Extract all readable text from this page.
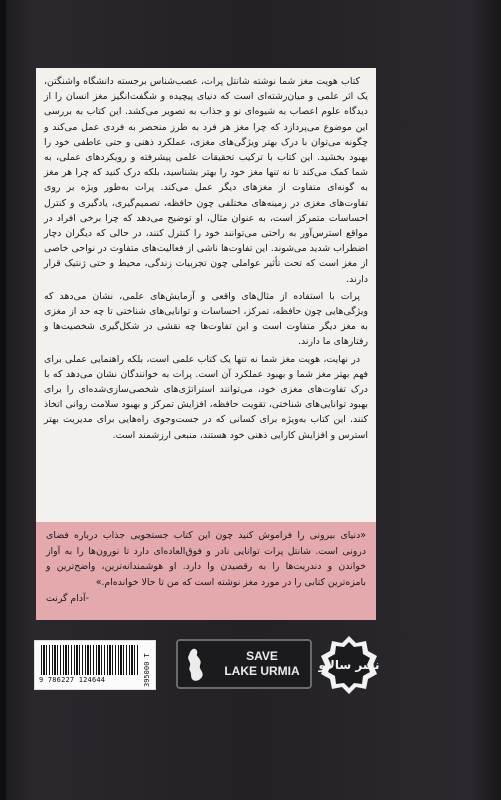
کتاب هویت مغز شما نوشته شانتل پرات، عصب‌شناس برجسته دانشگاه واشنگتن، یک اثر علمی و میان‌رشته‌ای است که دنیای پیچیده و شگفت‌انگیز مغز انسان را از دیدگاه علوم اعصاب به شیوه‌ای نو و جذاب به تصویر می‌کشد. این کتاب به بررسی این موضوع می‌پردازد که چرا مغز هر فرد به طرز منحصر به فردی عمل می‌کند و چگونه می‌توان با درک بهتر ویژگی‌های مغزی، عملکرد ذهنی و حتی عاطفی خود را بهبود بخشید. این کتاب با ترکیب تحقیقات علمی پیشرفته و رویکردهای عملی، به شما کمک می‌کند تا نه تنها مغز خود را بهتر بشناسید، بلکه درک کنید که چرا هر مغز به گونه‌ای متفاوت از مغزهای دیگر عمل می‌کند. پرات به‌طور ویژه بر روی تفاوت‌های مغزی در زمینه‌های مختلفی چون حافظه، تصمیم‌گیری، یادگیری و کنترل احساسات متمرکز است، به عنوان مثال، او توضیح می‌دهد که چرا برخی افراد در مواقع استرس‌آور به راحتی می‌توانند خود را کنترل کنند، در حالی که دیگران دچار اضطراب شدید می‌شوند. این تفاوت‌ها ناشی از فعالیت‌های متفاوت در نواحی خاصی از مغز است که تحت تأثیر عواملی چون تجربیات زندگی، محیط و حتی ژنتیک قرار دارند.

پرات با استفاده از مثال‌های واقعی و آزمایش‌های علمی، نشان می‌دهد که ویژگی‌هایی چون حافظه، تمرکز، احساسات و توانایی‌های شناختی تا چه حد از مغزی به مغز دیگر متفاوت است و این تفاوت‌ها چه نقشی در شکل‌گیری شخصیت‌ها و رفتارهای ما دارند.

در نهایت، هویت مغز شما نه تنها یک کتاب علمی است، بلکه راهنمایی عملی برای فهم بهتر مغز شما و بهبود عملکرد آن است. پرات به خوانندگان نشان می‌دهد که با درک تفاوت‌های مغزی خود، می‌توانند استراتژی‌های شخصی‌سازی‌شده‌ای را برای بهبود توانایی‌های شناختی، تقویت حافظه، افزایش تمرکز و بهبود سلامت روانی اتخاذ کنند. این کتاب به‌ویژه برای کسانی که در جست‌وجوی راه‌هایی برای مدیریت بهتر استرس و افزایش کارایی ذهنی خود هستند، منبعی ارزشمند است.

«دنیای بیرونی را فراموش کنید چون این کتاب جستجویی جذاب درباره فضای درونی است. شانتل پرات توانایی نادر و فوق‌العاده‌ای دارد تا نورون‌ها را به آواز خواندن و دندریت‌ها را به رقصیدن وا دارد. او هوشمندانه‌ترین، واضح‌ترین و بامزه‌ترین کتابی را در مورد مغز نوشته است که من تا حالا خوانده‌ام.»
-آدام گرنت
9 786227 124644	395000 T	SAVE
LAKE URMIA	نشر سالاو
